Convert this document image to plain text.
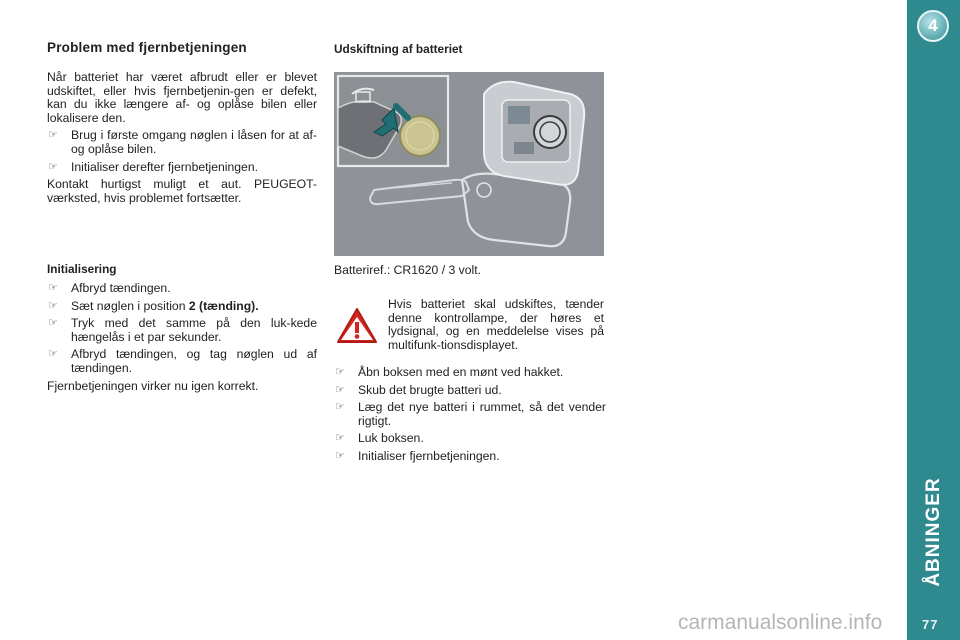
Problem med fjernbetjeningen

Når batteriet har været afbrudt eller er blevet udskiftet, eller hvis fjernbetjenin-gen er defekt, kan du ikke længere af- og oplåse bilen eller lokalisere den.

☞ Brug i første omgang nøglen i låsen for at af- og oplåse bilen.
☞ Initialiser derefter fjernbetjeningen.

Kontakt hurtigst muligt et aut. PEUGEOT-værksted, hvis problemet fortsætter.

Initialisering
☞ Afbryd tændingen.
☞ Sæt nøglen i position 2 (tænding).
☞ Tryk med det samme på den luk-kede hængelås i et par sekunder.
☞ Afbryd tændingen, og tag nøglen ud af tændingen.

Fjernbetjeningen virker nu igen korrekt.

Udskiftning af batteriet
Batteriref.: CR1620 / 3 volt.
Hvis batteriet skal udskiftes, tænder denne kontrollampe, der høres et lydsignal, og en meddelelse vises på multifunk-tionsdisplayet.
☞ Åbn boksen med en mønt ved hakket.
☞ Skub det brugte batteri ud.
☞ Læg det nye batteri i rummet, så det vender rigtigt.
☞ Luk boksen.
☞ Initialiser fjernbetjeningen.
4
ÅBNINGER
77
carmanualsonline.info
